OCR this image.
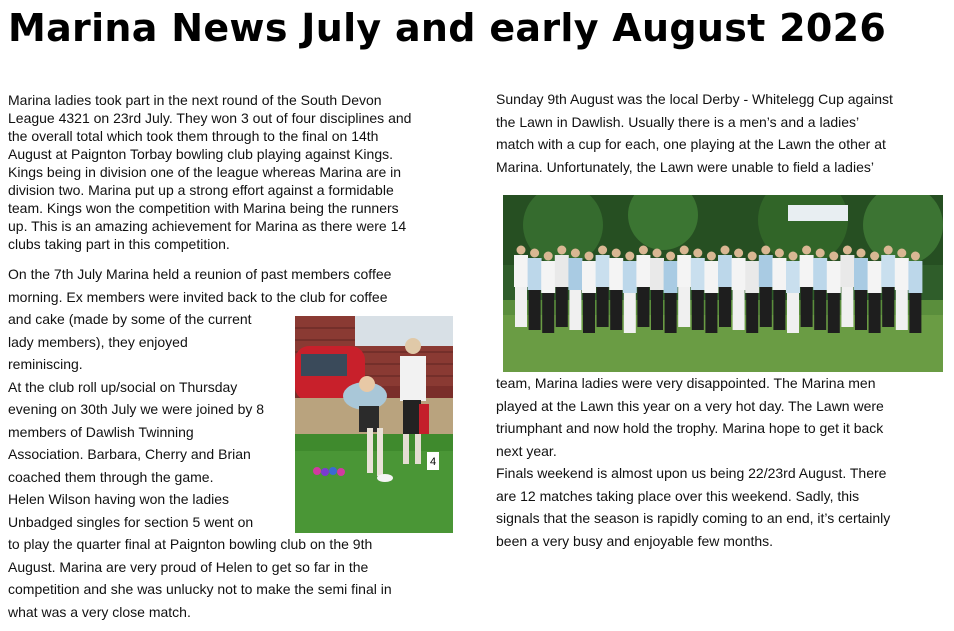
Marina News July and early August 2026
Marina ladies took part in the next round of the South Devon
League 4321 on 23rd July. They won 3 out of four disciplines and
the overall total which took them through to the final on 14th
August at Paignton Torbay bowling club playing against Kings.
Kings being in division one of the league whereas Marina are in
division two. Marina put up a strong effort against a formidable
team. Kings won the competition with Marina being the runners
up. This is an amazing achievement for Marina as there were 14
clubs taking part in this competition.
On the 7th July Marina held a reunion of past members coffee
morning. Ex members were invited back to the club for coffee
and cake (made by some of the current
lady members), they enjoyed
reminiscing.
At the club roll up/social on Thursday
evening on 30th July we were joined by 8
members of Dawlish Twinning
Association. Barbara, Cherry and Brian
coached them through the game.
Helen Wilson having won the ladies
Unbadged singles for section 5 went on
to play the quarter final at Paignton bowling club on the 9th
August. Marina are very proud of Helen to get so far in the
competition and she was unlucky not to make the semi final in
what was a very close match.
4
Sunday 9th August was the local Derby - Whitelegg Cup against
the Lawn in Dawlish. Usually there is a men’s and a ladies’
match with a cup for each, one playing at the Lawn the other at
Marina. Unfortunately, the Lawn were unable to field a ladies’
team, Marina ladies were very disappointed. The Marina men
played at the Lawn this year on a very hot day. The Lawn were
triumphant and now hold the trophy. Marina hope to get it back
next year.
Finals weekend is almost upon us being 22/23rd August. There
are 12 matches taking place over this weekend. Sadly, this
signals that the season is rapidly coming to an end, it’s certainly
been a very busy and enjoyable few months.
